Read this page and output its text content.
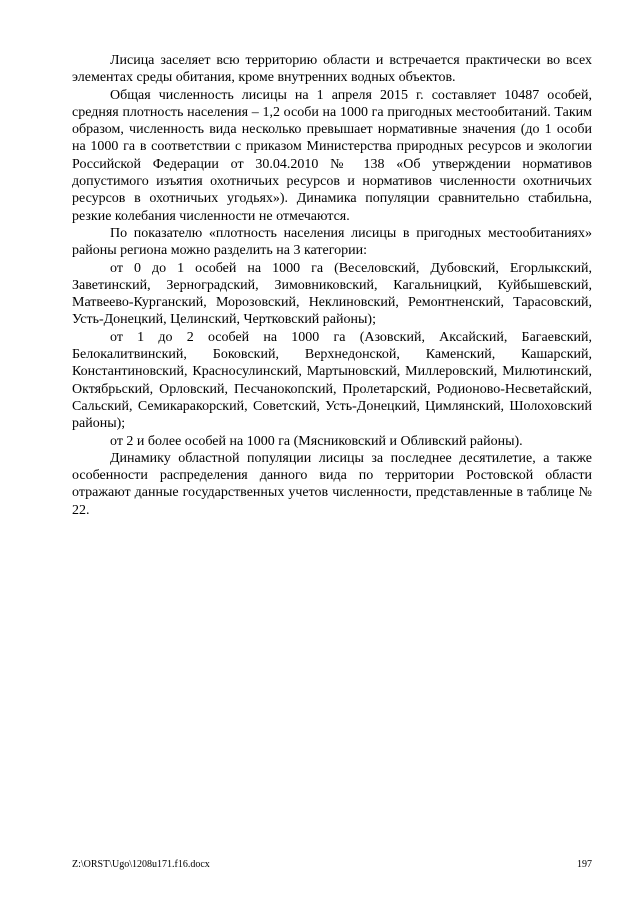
Лисица заселяет всю территорию области и встречается практически во всех элементах среды обитания, кроме внутренних водных объектов.

Общая численность лисицы на 1 апреля 2015 г. составляет 10487 особей, средняя плотность населения – 1,2 особи на 1000 га пригодных местообитаний. Таким образом, численность вида несколько превышает нормативные значения (до 1 особи на 1000 га в соответствии с приказом Министерства природных ресурсов и экологии Российской Федерации от 30.04.2010 № 138 «Об утверждении нормативов допустимого изъятия охотничьих ресурсов и нормативов численности охотничьих ресурсов в охотничьих угодьях»). Динамика популяции сравнительно стабильна, резкие колебания численности не отмечаются.

По показателю «плотность населения лисицы в пригодных местообитаниях» районы региона можно разделить на 3 категории:

от 0 до 1 особей на 1000 га (Веселовский, Дубовский, Егорлыкский, Заветинский, Зерноградский, Зимовниковский, Кагальницкий, Куйбышевский, Матвеево-Курганский, Морозовский, Неклиновский, Ремонтненский, Тарасовский, Усть-Донецкий, Целинский, Чертковский районы);

от 1 до 2 особей на 1000 га (Азовский, Аксайский, Багаевский, Белокалитвинский, Боковский, Верхнедонской, Каменский, Кашарский, Константиновский, Красносулинский, Мартыновский, Миллеровский, Милютинский, Октябрьский, Орловский, Песчанокопский, Пролетарский, Родионово-Несветайский, Сальский, Семикаракорский, Советский, Усть-Донецкий, Цимлянский, Шолоховский районы);

от 2 и более особей на 1000 га (Мясниковский и Обливский районы).

Динамику областной популяции лисицы за последнее десятилетие, а также особенности распределения данного вида по территории Ростовской области отражают данные государственных учетов численности, представленные в таблице № 22.

Z:\ORST\Ugo\1208u171.f16.docx	197
